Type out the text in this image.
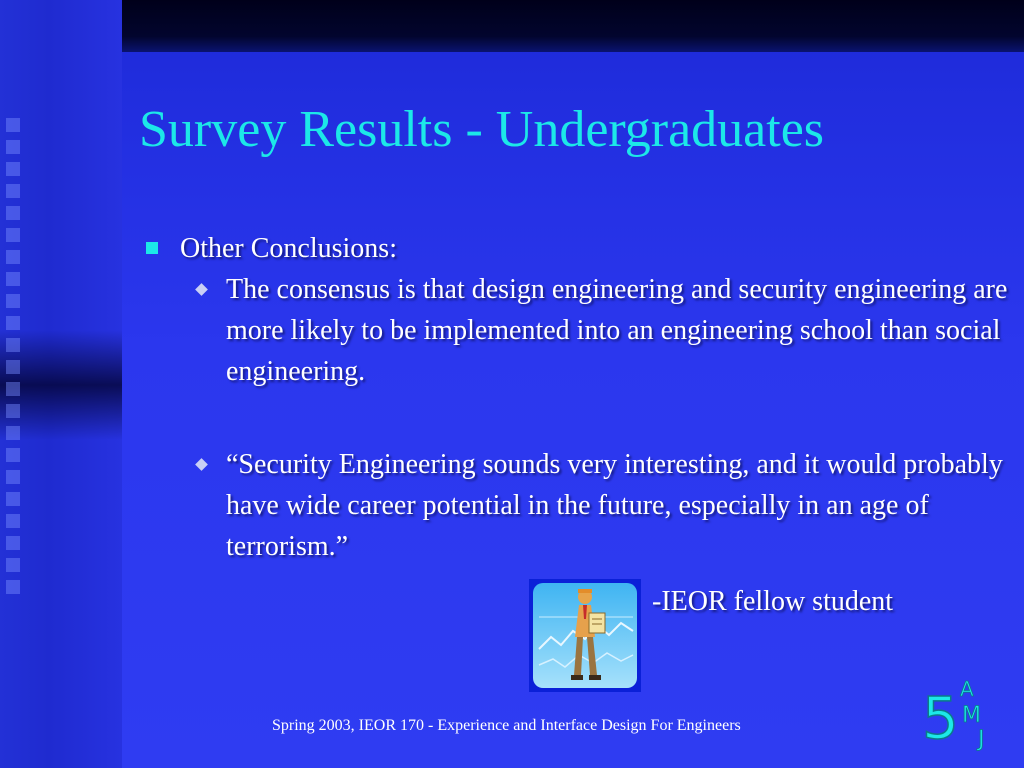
Survey Results - Undergraduates
Other Conclusions:
The consensus is that design engineering and security engineering are more likely to be implemented into an engineering school than social engineering.
“Security Engineering sounds very interesting, and it would probably have wide career potential in the future, especially in an age of terrorism.”
-IEOR fellow student
Spring 2003, IEOR 170 - Experience and Interface Design For Engineers	5 A
M
J
